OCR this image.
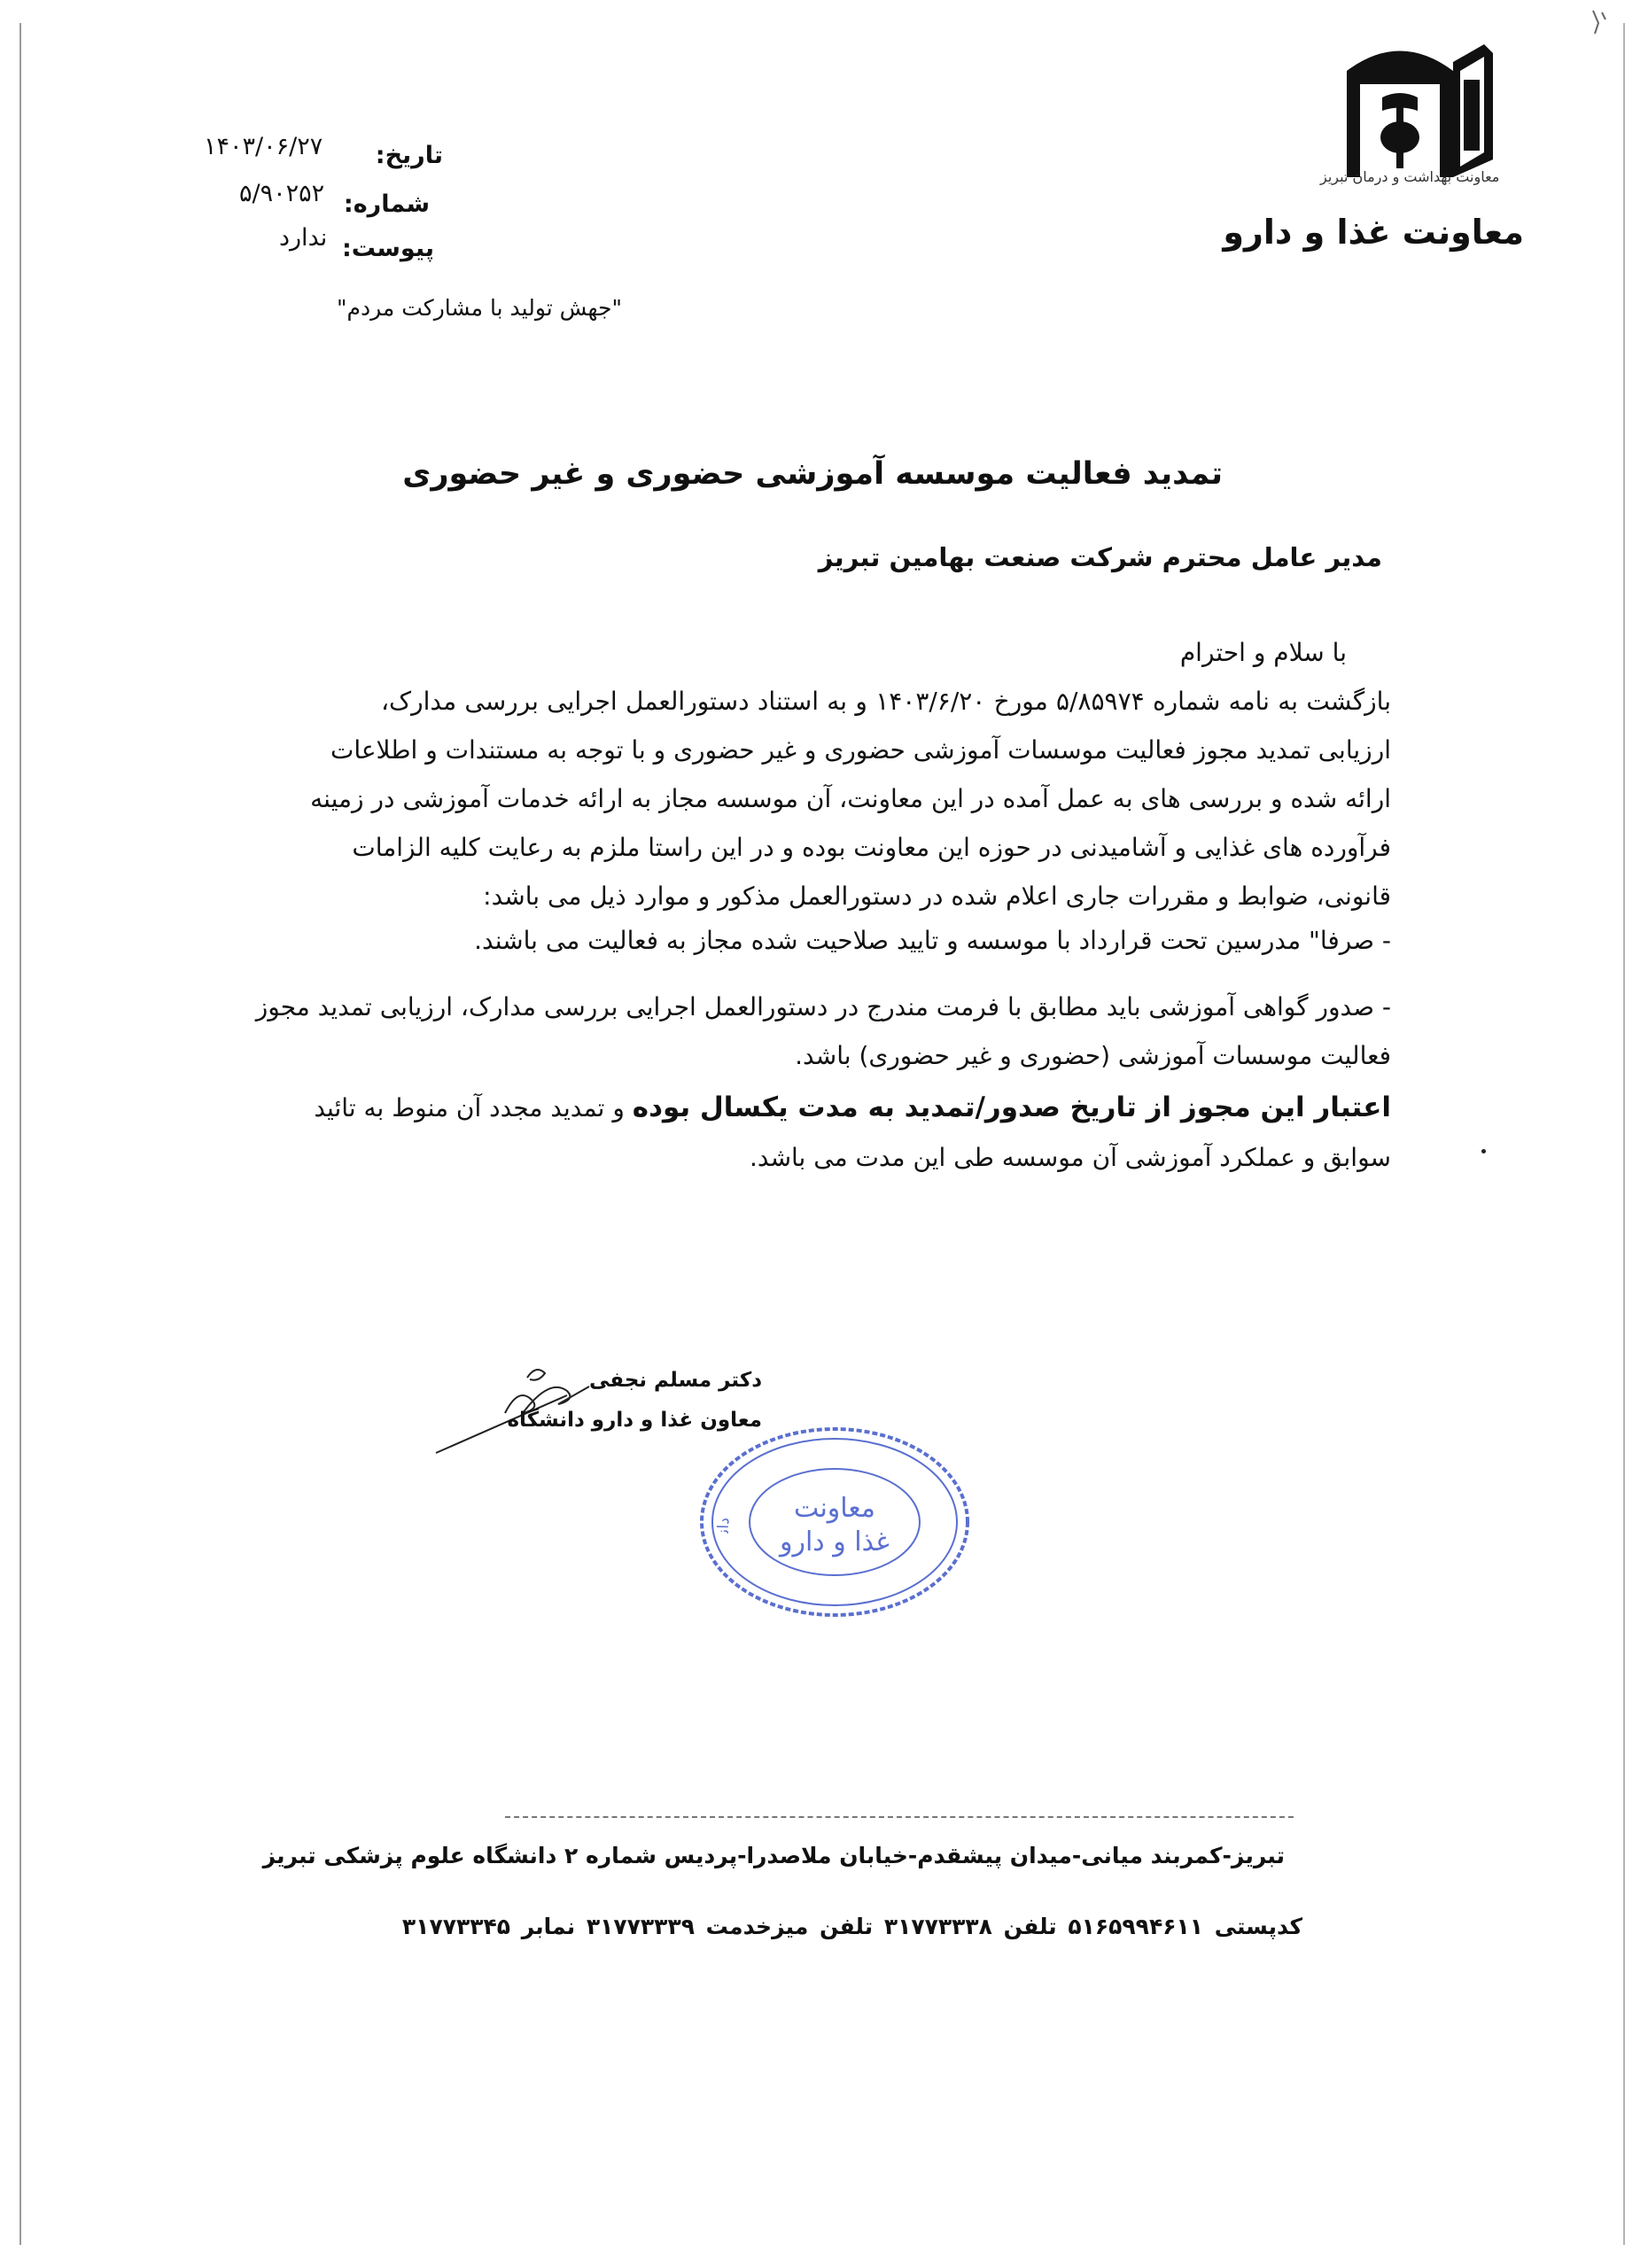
معاونت بهداشت و درمان تبریز
معاونت غذا و دارو
تاریخ:
۱۴۰۳/۰۶/۲۷
شماره:
۵/۹۰۲۵۲
پیوست:
ندارد
"جهش تولید با مشارکت مردم"
تمدید فعالیت موسسه آموزشی حضوری و غیر حضوری
مدیر عامل محترم شرکت صنعت بهامین تبریز
با سلام و احترام
بازگشت به نامه شماره ۵/۸۵۹۷۴ مورخ ۱۴۰۳/۶/۲۰ و به استناد دستورالعمل اجرایی بررسی مدارک،
ارزیابی تمدید مجوز فعالیت موسسات آموزشی حضوری و غیر حضوری و با توجه به مستندات و اطلاعات
ارائه شده و بررسی های به عمل آمده در این معاونت، آن موسسه مجاز به ارائه خدمات آموزشی در زمینه
فرآورده های غذایی و آشامیدنی در حوزه این معاونت بوده و در این راستا ملزم به رعایت کلیه الزامات
قانونی، ضوابط و مقررات جاری اعلام شده در دستورالعمل مذکور و موارد ذیل می باشد:
- صرفا" مدرسین تحت قرارداد با موسسه و تایید صلاحیت شده مجاز به فعالیت می باشند.
- صدور گواهی آموزشی باید مطابق با فرمت مندرج در دستورالعمل اجرایی بررسی مدارک، ارزیابی تمدید مجوز
فعالیت موسسات آموزشی (حضوری و غیر حضوری) باشد.
اعتبار این مجوز از تاریخ صدور/تمدید به مدت یکسال بوده و تمدید مجدد آن منوط به تائید
سوابق و عملکرد آموزشی آن موسسه طی این مدت می باشد.
دکتر مسلم نجفی
معاون غذا و دارو دانشگاه
دان
معاونت
غذا و دارو
تبریز-کمربند میانی-میدان پیشقدم-خیابان ملاصدرا-پردیس شماره ۲ دانشگاه علوم پزشکی تبریز
کدپستی ۵۱۶۵۹۹۴۶۱۱ تلفن ۳۱۷۷۳۳۳۸ تلفن میزخدمت ۳۱۷۷۳۳۳۹ نمابر ۳۱۷۷۳۳۴۵
